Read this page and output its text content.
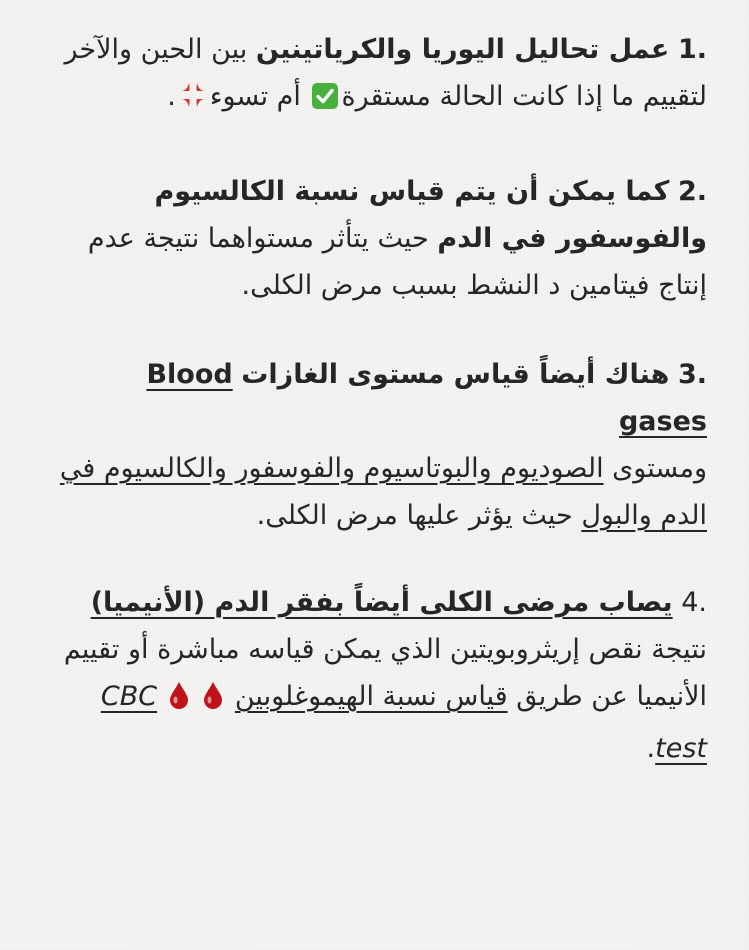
.1 عمل تحاليل اليوريا والكرياتينين بين الحين والآخر لتقييم ما إذا كانت الحالة مستقرة أم تسوء.

.2 كما يمكن أن يتم قياس نسبة الكالسيوم والفوسفور في الدم حيث يتأثر مستواهما نتيجة عدم إنتاج فيتامين د النشط بسبب مرض الكلى.

.3 هناك أيضاً قياس مستوى الغازات Blood gases
ومستوى الصوديوم والبوتاسيوم والفوسفور والكالسيوم في الدم والبول حيث يؤثر عليها مرض الكلى.

.4 يصاب مرضى الكلى أيضاً بفقر الدم (الأنيميا) نتيجة نقص إريثروبويتين الذي يمكن قياسه مباشرة أو تقييم الأنيميا عن طريق قياس نسبة الهيموغلوبين   CBC test.
